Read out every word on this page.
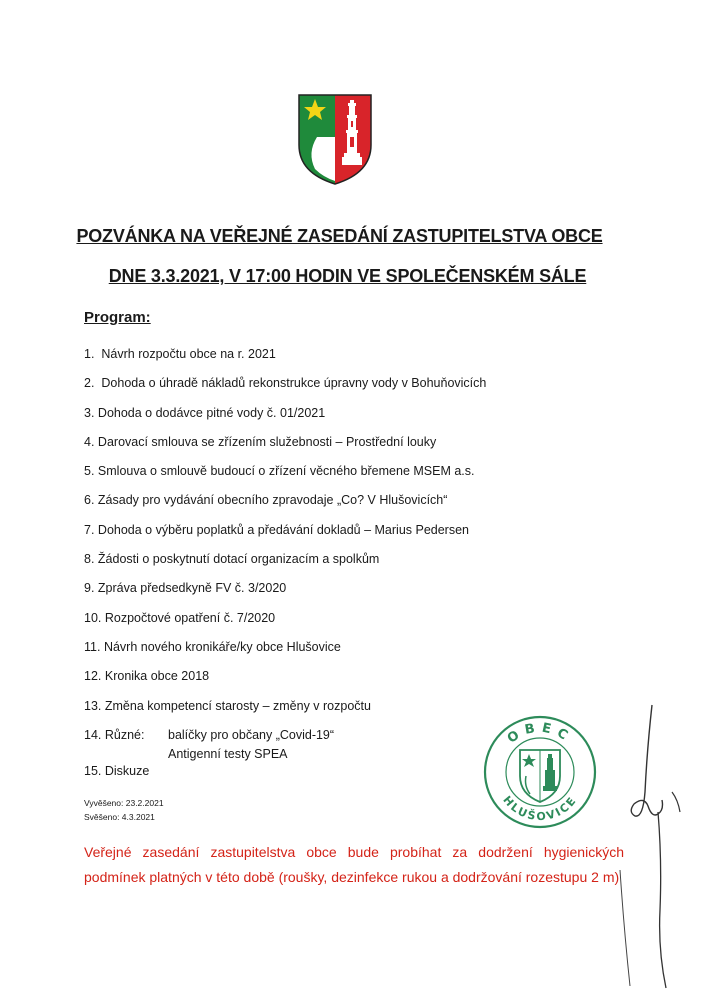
POZVÁNKA NA VEŘEJNÉ ZASEDÁNÍ ZASTUPITELSTVA OBCE
DNE 3.3.2021, V 17:00 HODIN VE SPOLEČENSKÉM SÁLE
Program:
1. Návrh rozpočtu obce na r. 2021
2. Dohoda o úhradě nákladů rekonstrukce úpravny vody v Bohuňovicích
3. Dohoda o dodávce pitné vody č. 01/2021
4. Darovací smlouva se zřízením služebnosti – Prostřední louky
5. Smlouva o smlouvě budoucí o zřízení věcného břemene MSEM a.s.
6. Zásady pro vydávání obecního zpravodaje „Co? V Hlušovicích“
7. Dohoda o výběru poplatků a předávání dokladů – Marius Pedersen
8. Žádosti o poskytnutí dotací organizacím a spolkům
9. Zpráva předsedkyně FV č. 3/2020
10. Rozpočtové opatření č. 7/2020
11. Návrh nového kronikáře/ky obce Hlušovice
12. Kronika obce 2018
13. Změna kompetencí starosty – změny v rozpočtu
14. Různé:
15. Diskuze
balíčky pro občany „Covid-19“
Antigenní testy SPEA
Vyvěšeno: 23.2.2021
Svěšeno: 4.3.2021
Veřejné zasedání zastupitelstva obce bude probíhat za dodržení hygienických podmínek platných v této době (roušky, dezinfekce rukou a dodržování rozestupu 2 m)
OBEC
HLUŠOVICE
